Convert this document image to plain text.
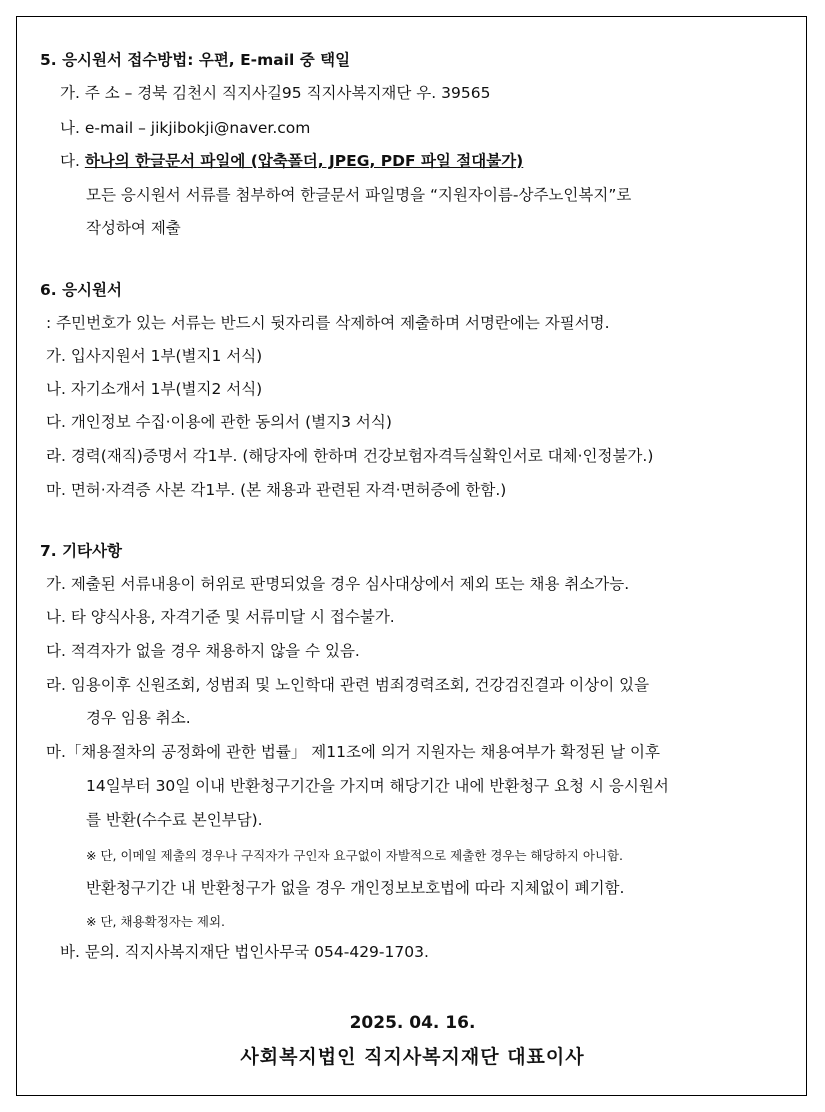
5. 응시원서 접수방법: 우편, E-mail 중 택일
가. 주 소 – 경북 김천시 직지사길95 직지사복지재단 우. 39565
나. e-mail – jikjibokji@naver.com
다. 하나의 한글문서 파일에 (압축폴더, JPEG, PDF 파일 절대불가)
모든 응시원서 서류를 첨부하여 한글문서 파일명을 “지원자이름-상주노인복지”로
작성하여 제출
6. 응시원서
: 주민번호가 있는 서류는 반드시 뒷자리를 삭제하여 제출하며 서명란에는 자필서명.
가. 입사지원서 1부(별지1 서식)
나. 자기소개서 1부(별지2 서식)
다. 개인정보 수집·이용에 관한 동의서 (별지3 서식)
라. 경력(재직)증명서 각1부. (해당자에 한하며 건강보험자격득실확인서로 대체·인정불가.)
마. 면허·자격증 사본 각1부. (본 채용과 관련된 자격·면허증에 한함.)
7. 기타사항
가. 제출된 서류내용이 허위로 판명되었을 경우 심사대상에서 제외 또는 채용 취소가능.
나. 타 양식사용, 자격기준 및 서류미달 시 접수불가.
다. 적격자가 없을 경우 채용하지 않을 수 있음.
라. 임용이후 신원조회, 성범죄 및 노인학대 관련 범죄경력조회, 건강검진결과 이상이 있을
경우 임용 취소.
마.「채용절차의 공정화에 관한 법률」 제11조에 의거 지원자는 채용여부가 확정된 날 이후
14일부터 30일 이내 반환청구기간을 가지며 해당기간 내에 반환청구 요청 시 응시원서
를 반환(수수료 본인부담).
※ 단, 이메일 제출의 경우나 구직자가 구인자 요구없이 자발적으로 제출한 경우는 해당하지 아니함.
반환청구기간 내 반환청구가 없을 경우 개인정보보호법에 따라 지체없이 폐기함.
※ 단, 채용확정자는 제외.
바. 문의. 직지사복지재단 법인사무국 054-429-1703.
2025. 04. 16.
사회복지법인 직지사복지재단 대표이사
